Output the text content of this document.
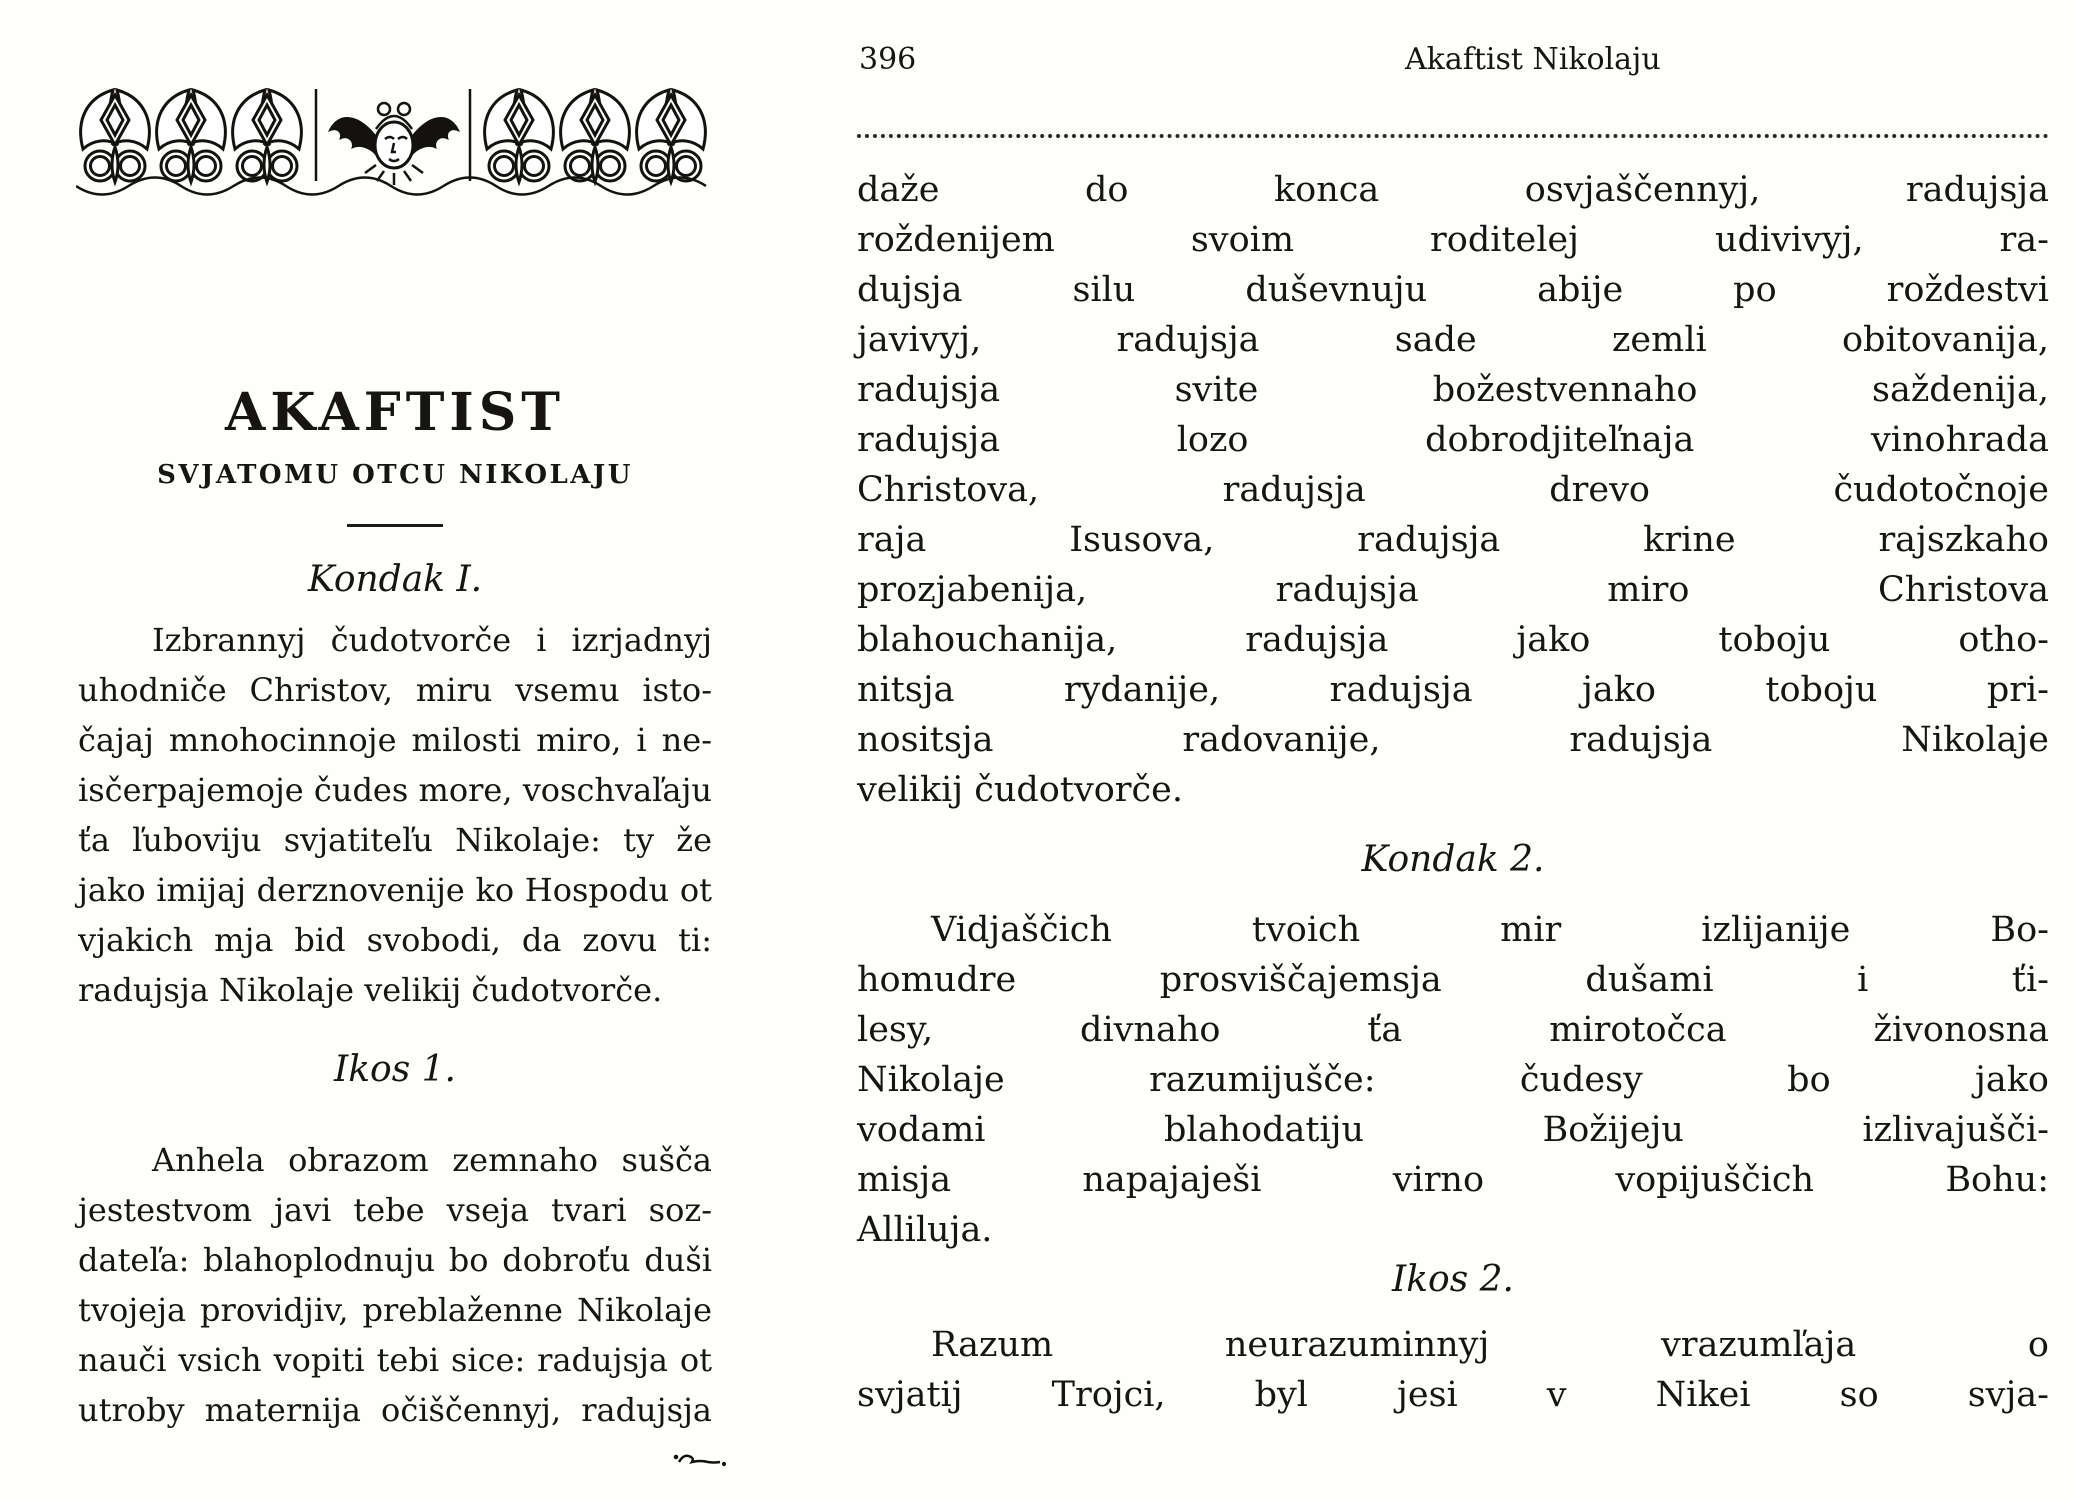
AKAFTIST
SVJATOMU OTCU NIKOLAJU
Kondak I.
Izbrannyj čudotvorče i izrjadnyj
uhodniče Christov, miru vsemu isto-
čajaj mnohocinnoje milosti miro, i ne-
isčerpajemoje čudes more, voschvaľaju
ťa ľuboviju svjatiteľu Nikolaje: ty že
jako imijaj derznovenije ko Hospodu ot
vjakich mja bid svobodi, da zovu ti:
radujsja Nikolaje velikij čudotvorče.
Ikos 1.
Anhela obrazom zemnaho sušča
jestestvom javi tebe vseja tvari soz-
dateľa: blahoplodnuju bo dobroťu duši
tvojeja providjiv, preblaženne Nikolaje
nauči vsich vopiti tebi sice: radujsja ot
utroby maternija očiščennyj, radujsja
396	Akaftist Nikolaju
daže do konca osvjaščennyj, radujsja
roždenijem svoim roditelej udivivyj, ra-
dujsja silu duševnuju abije po roždestvi
javivyj, radujsja sade zemli obitovanija,
radujsja svite božestvennaho saždenija,
radujsja lozo dobrodjiteľnaja vinohrada
Christova, radujsja drevo čudotočnoje
raja Isusova, radujsja krine rajszkaho
prozjabenija, radujsja miro Christova
blahouchanija, radujsja jako toboju otho-
nitsja rydanije, radujsja jako toboju pri-
nositsja radovanije, radujsja Nikolaje
velikij čudotvorče.
Kondak 2.
Vidjaščich tvoich mir izlijanije Bo-
homudre prosviščajemsja dušami i ťi-
lesy, divnaho ťa mirotočca živonosna
Nikolaje razumijušče: čudesy bo jako
vodami blahodatiju Božijeju izlivajušči-
misja napajaješi virno vopijuščich Bohu:
Alliluja.
Ikos 2.
Razum neurazuminnyj vrazumľaja o
svjatij Trojci, byl jesi v Nikei so svja-
